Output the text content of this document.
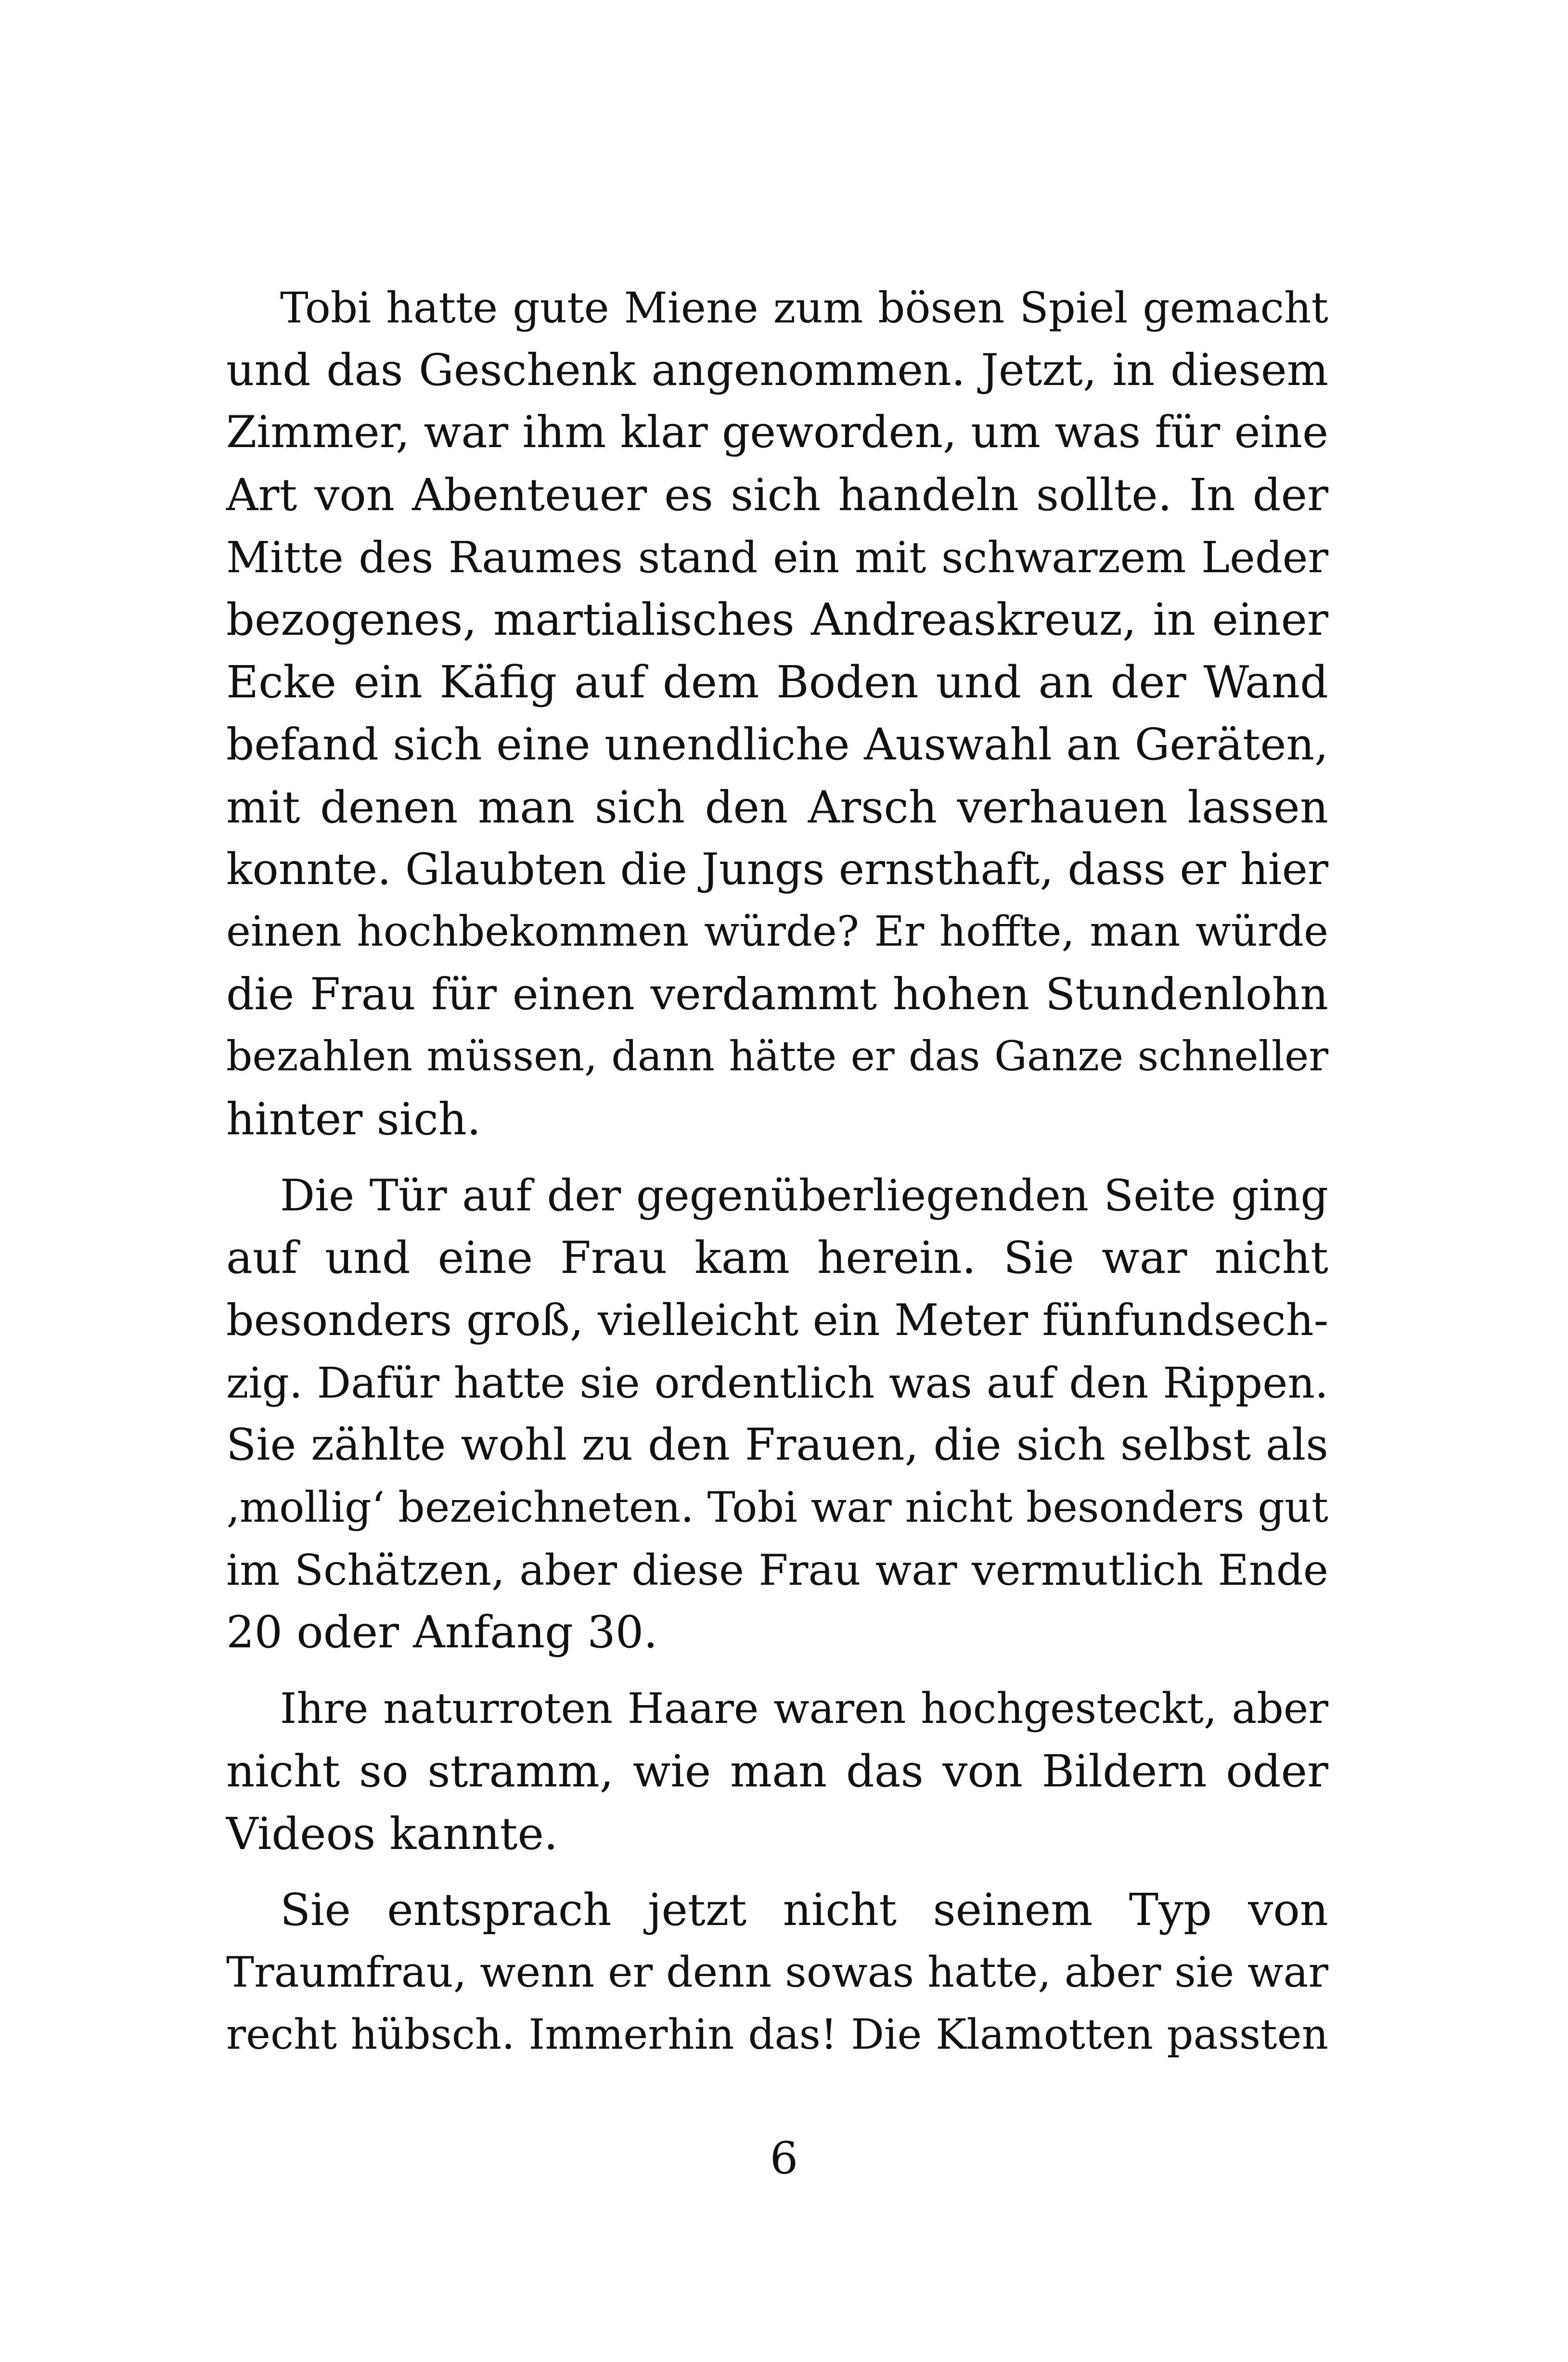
Tobi hatte gute Miene zum bösen Spiel gemacht
und das Geschenk angenommen. Jetzt, in diesem
Zimmer, war ihm klar geworden, um was für eine
Art von Abenteuer es sich handeln sollte. In der
Mitte des Raumes stand ein mit schwarzem Leder
bezogenes, martialisches Andreaskreuz, in einer
Ecke ein Käfig auf dem Boden und an der Wand
befand sich eine unendliche Auswahl an Geräten,
mit denen man sich den Arsch verhauen lassen
konnte. Glaubten die Jungs ernsthaft, dass er hier
einen hochbekommen würde? Er hoffte, man würde
die Frau für einen verdammt hohen Stundenlohn
bezahlen müssen, dann hätte er das Ganze schneller
hinter sich.
Die Tür auf der gegenüberliegenden Seite ging
auf und eine Frau kam herein. Sie war nicht
besonders groß, vielleicht ein Meter fünfundsech-
zig. Dafür hatte sie ordentlich was auf den Rippen.
Sie zählte wohl zu den Frauen, die sich selbst als
‚mollig‘ bezeichneten. Tobi war nicht besonders gut
im Schätzen, aber diese Frau war vermutlich Ende
20 oder Anfang 30.
Ihre naturroten Haare waren hochgesteckt, aber
nicht so stramm, wie man das von Bildern oder
Videos kannte.
Sie entsprach jetzt nicht seinem Typ von
Traumfrau, wenn er denn sowas hatte, aber sie war
recht hübsch. Immerhin das! Die Klamotten passten
6
